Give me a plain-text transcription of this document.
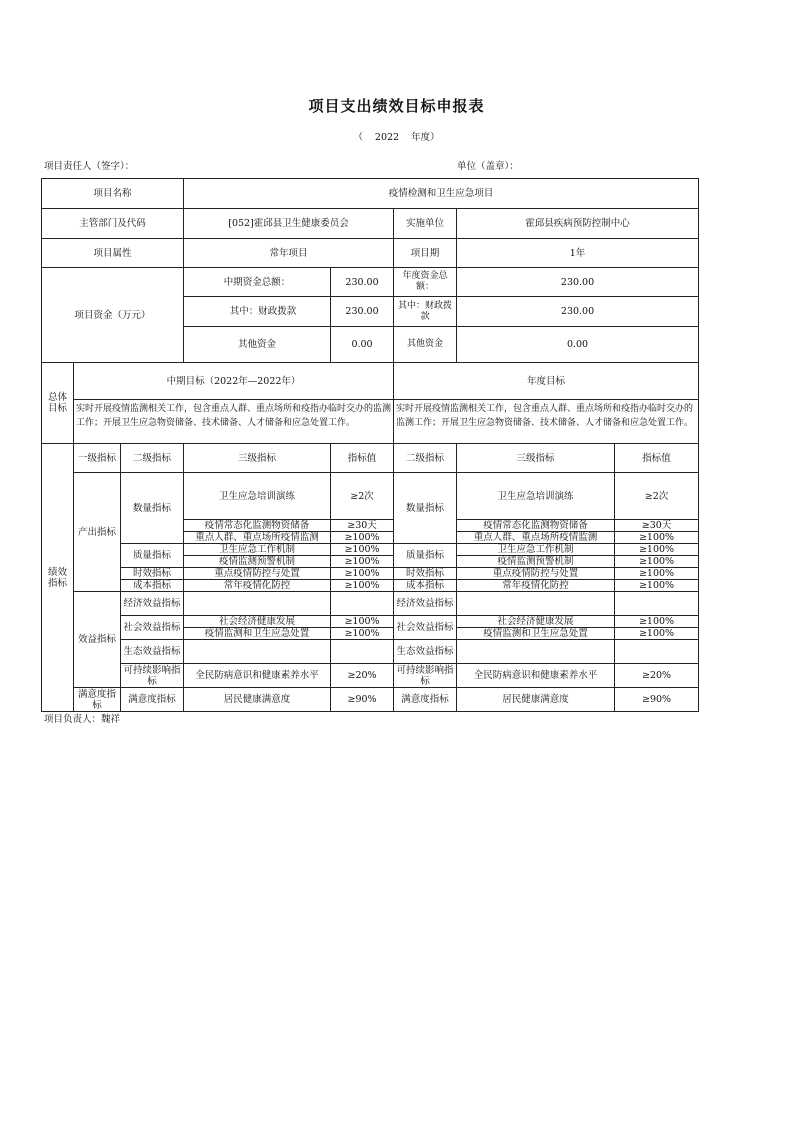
项目支出绩效目标申报表
（ 2022 年度）
项目责任人（签字）：	单位（盖章）：
项目名称			疫情检测和卫生应急项目				
主管部门及代码			[052]霍邱县卫生健康委员会		实施单位	霍邱县疾病预防控制中心	
项目属性			常年项目		项目期	1年	
项目资金（万元）			中期资金总额：	230.00	年度资金总额：	230.00	
			其中：财政拨款	230.00	其中：财政拨款	230.00	
			其他资金	0.00	其他资金	0.00	
总体目标	中期目标（2022年—2022年）				年度目标		
	实时开展疫情监测相关工作，包含重点人群、重点场所和疫指办临时交办的监测工作；开展卫生应急物资储备、技术储备、人才储备和应急处置工作。				实时开展疫情监测相关工作，包含重点人群、重点场所和疫指办临时交办的监测工作；开展卫生应急物资储备、技术储备、人才储备和应急处置工作。		
绩效指标	一级指标	二级指标	三级指标	指标值	二级指标	三级指标	指标值
	产出指标	数量指标	卫生应急培训演练	≥2次	数量指标	卫生应急培训演练	≥2次
			疫情常态化监测物资储备	≥30天		疫情常态化监测物资储备	≥30天
			重点人群、重点场所疫情监测	≥100%		重点人群、重点场所疫情监测	≥100%
		质量指标	卫生应急工作机制	≥100%	质量指标	卫生应急工作机制	≥100%
			疫情监测预警机制	≥100%		疫情监测预警机制	≥100%
		时效指标	重点疫情防控与处置	≥100%	时效指标	重点疫情防控与处置	≥100%
		成本指标	常年疫情化防控	≥100%	成本指标	常年疫情化防控	≥100%
	效益指标	经济效益指标			经济效益指标		
		社会效益指标	社会经济健康发展	≥100%	社会效益指标	社会经济健康发展	≥100%
			疫情监测和卫生应急处置	≥100%		疫情监测和卫生应急处置	≥100%
		生态效益指标			生态效益指标		
		可持续影响指标	全民防病意识和健康素养水平	≥20%	可持续影响指标	全民防病意识和健康素养水平	≥20%
	满意度指标	满意度指标	居民健康满意度	≥90%	满意度指标	居民健康满意度	≥90%
项目负责人：魏祥
